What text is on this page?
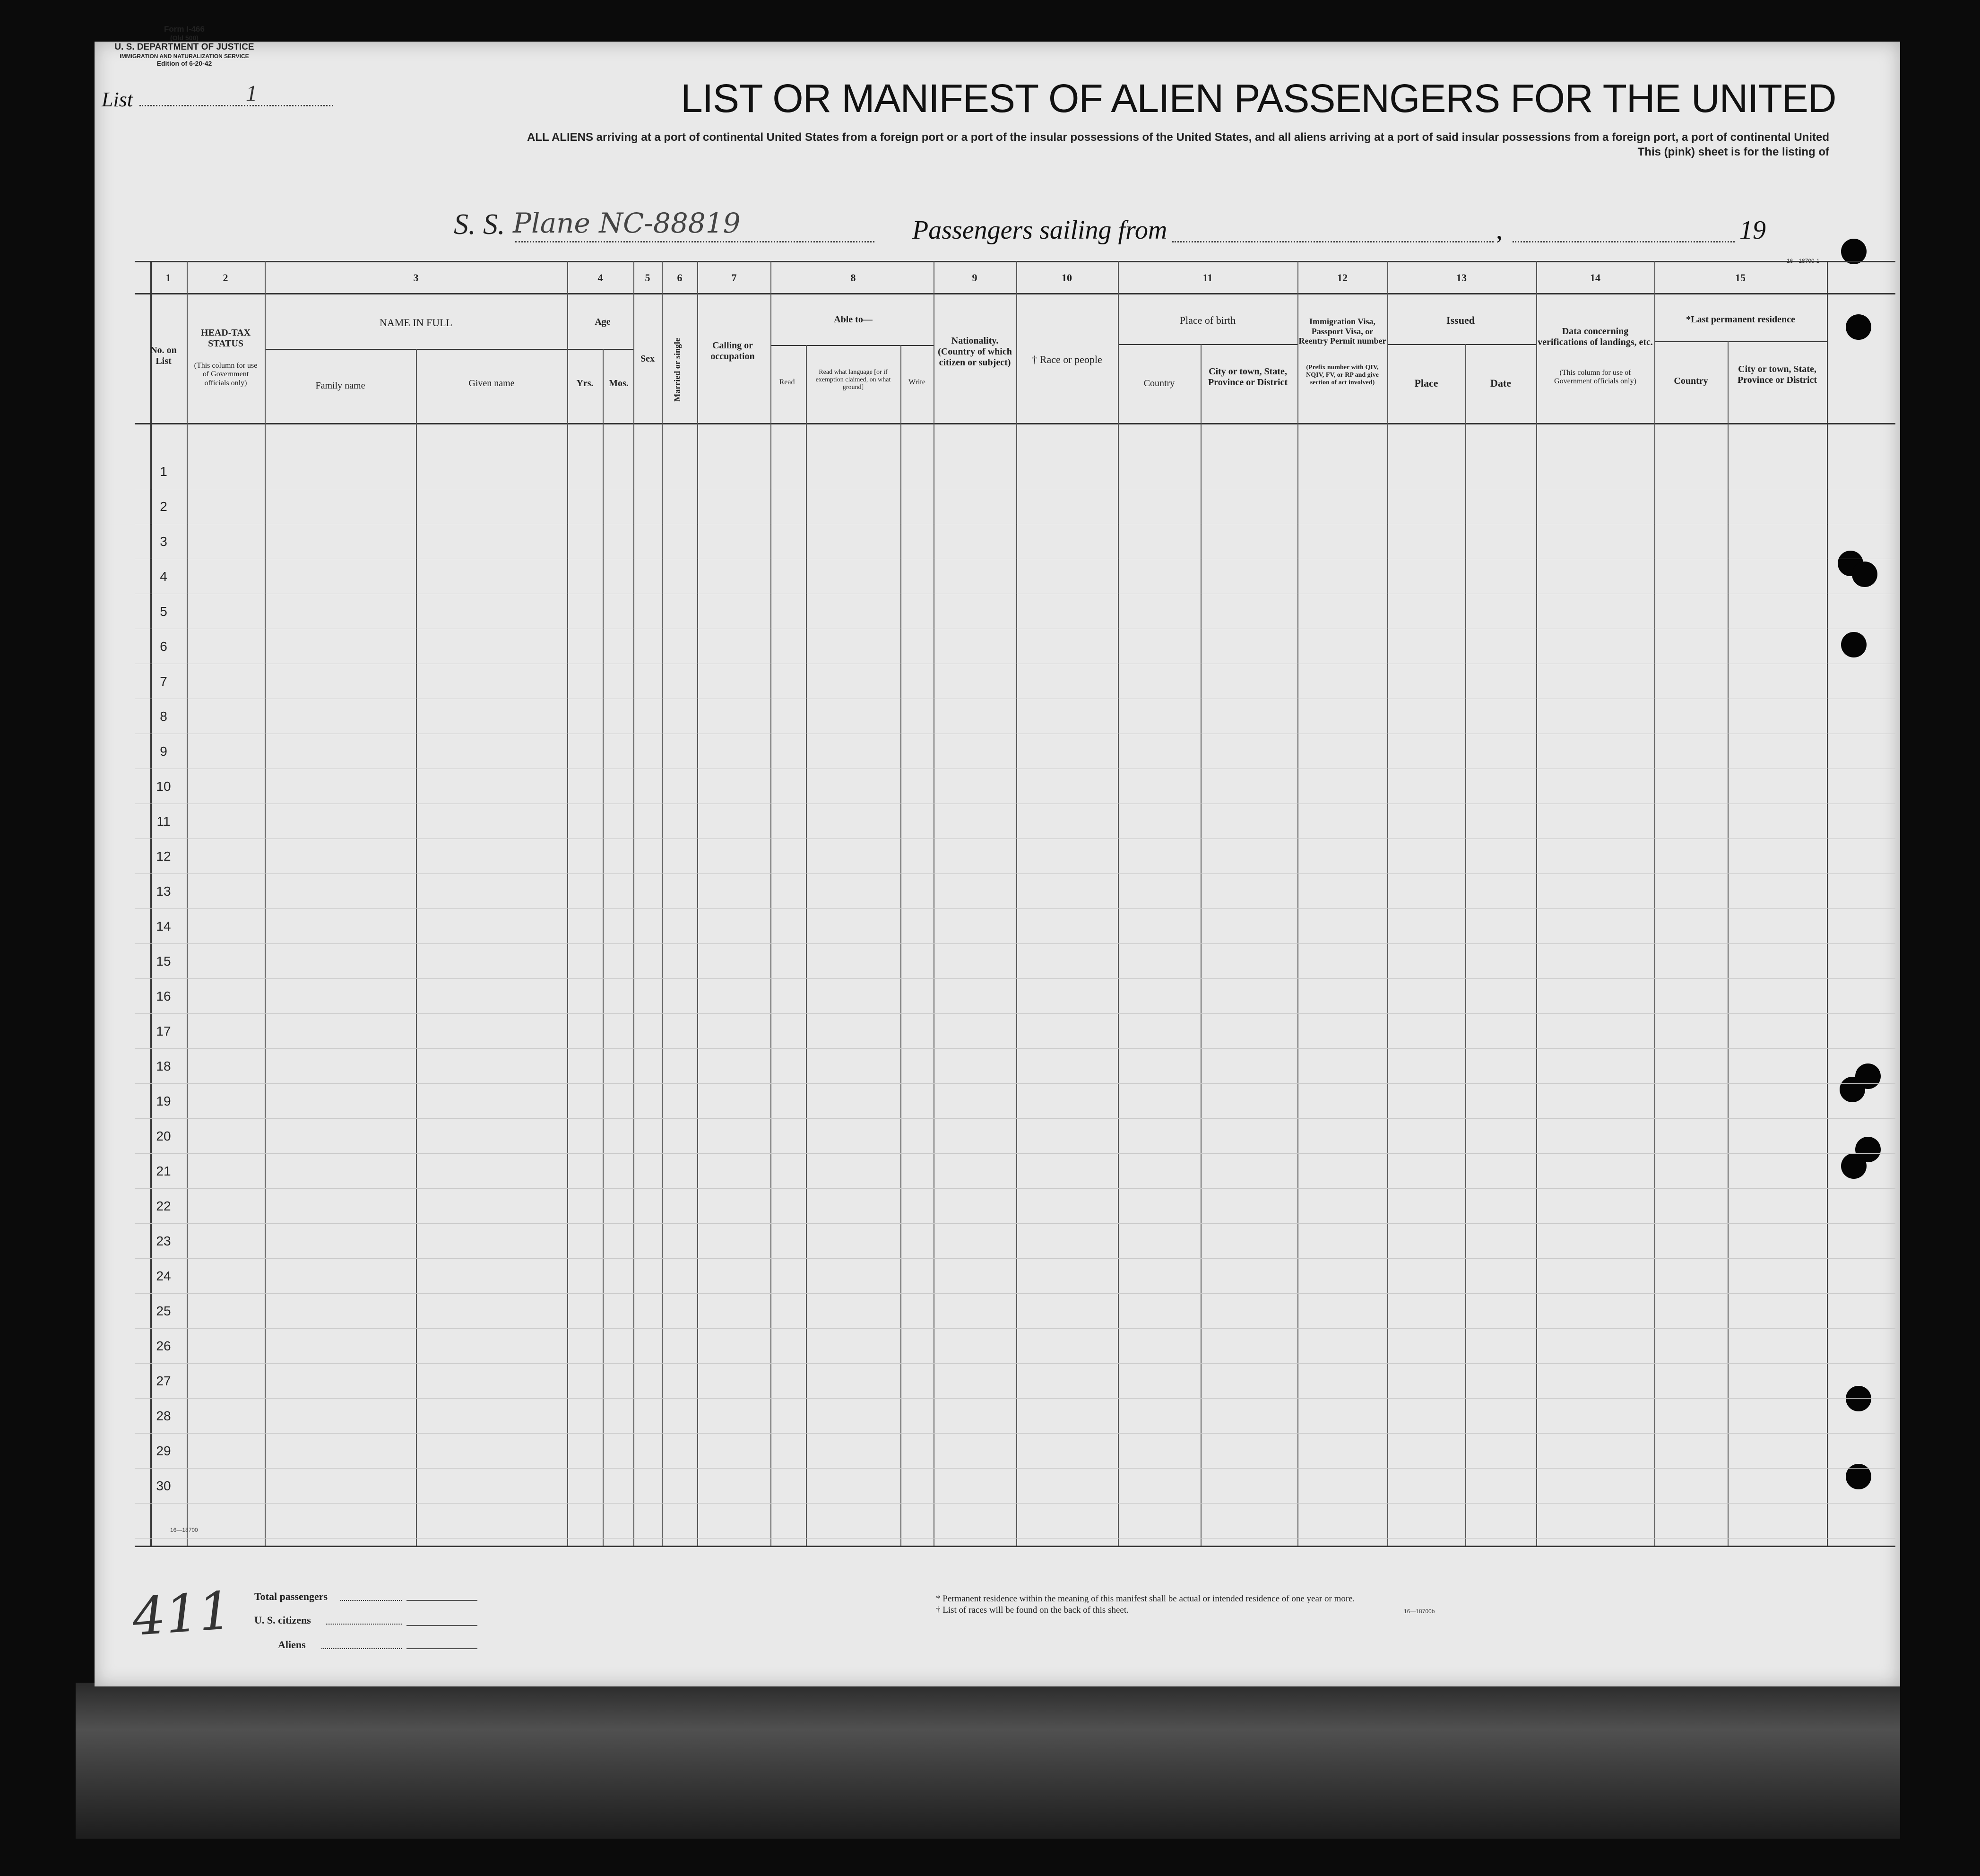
Form I-466
(Old 500)
U. S. DEPARTMENT OF JUSTICE
IMMIGRATION AND NATURALIZATION SERVICE
Edition of 6-20-42
List	1	LIST OR MANIFEST OF ALIEN PASSENGERS FOR THE UNITED
ALL ALIENS arriving at a port of continental United States from a foreign port or a port of the insular possessions of the United States, and all aliens arriving at a port of said insular possessions from a foreign port, a port of continental United
This (pink) sheet is for the listing of
S. S. Plane NC-88819	Passengers sailing from	,	19
16—18700-1
1	2	3	4	5	6	7	8	9	10	11	12	13	14	15
1
2
3
4
5
6
7
8
9
10
11
12
13
14
15
16
17
18
19
20
21
22
23
24
25
26
27
28
29
30
No. on List
HEAD-TAX STATUS
(This column for use of Government officials only)
NAME IN FULL
Family name	Given name
Age
Yrs.	Mos.
Sex	Married or single	Calling or occupation
Able to—
Read
Read what language [or if exemption claimed, on what ground]
Write
Nationality. (Country of which citizen or subject)	† Race or people
Place of birth
Country
City or town, State, Province or District
Immigration Visa, Passport Visa, or Reentry Permit number
(Prefix number with QIV, NQIV, FV, or RP and give section of act involved)
Issued
Place	Date
Data concerning verifications of landings, etc.
(This column for use of Government officials only)
*Last permanent residence
Country
City or town, State, Province or District
16—18700
Total passengers
U. S. citizens
Aliens
* Permanent residence within the meaning of this manifest shall be actual or intended residence of one year or more.
† List of races will be found on the back of this sheet.	16—18700b
411
